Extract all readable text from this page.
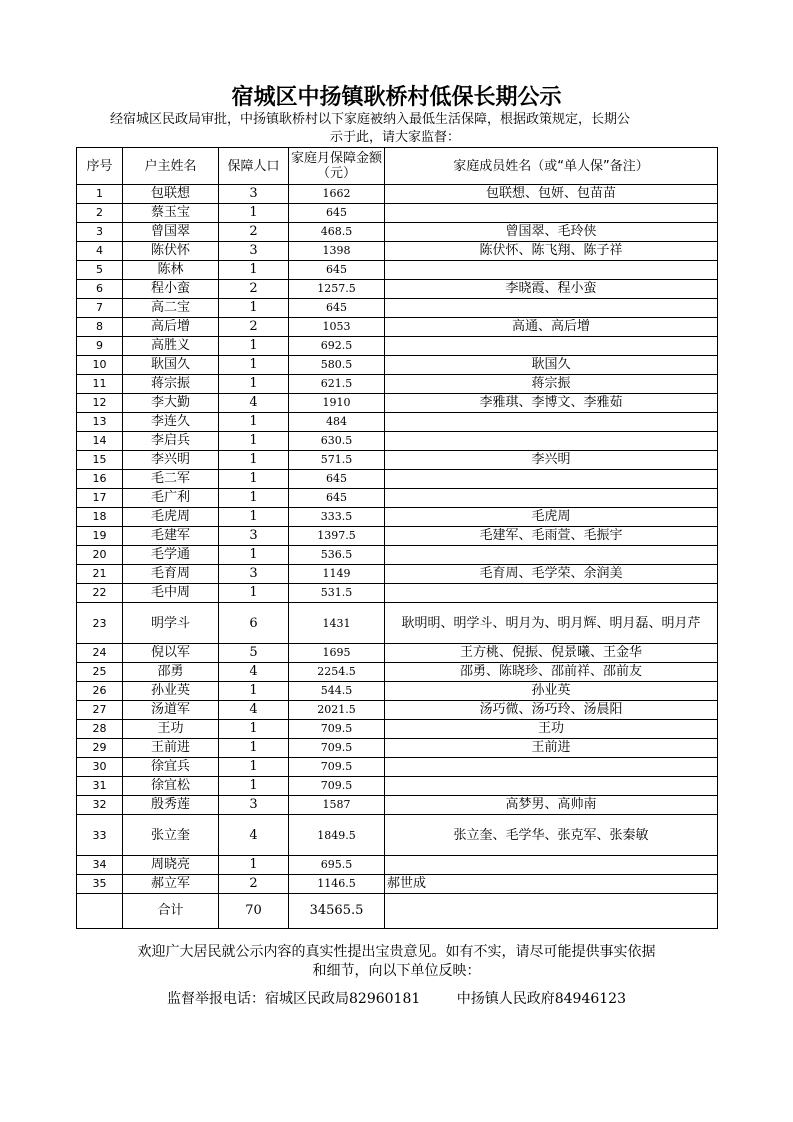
宿城区中扬镇耿桥村低保长期公示
经宿城区民政局审批，中扬镇耿桥村以下家庭被纳入最低生活保障，根据政策规定，长期公
示于此，请大家监督：
序号	户主姓名	保障人口	家庭月保障金额（元）	家庭成员姓名（或“单人保”备注）
1	包联想	3	1662	包联想、包妍、包苗苗
2	蔡玉宝	1	645	
3	曾国翠	2	468.5	曾国翠、毛玲侠
4	陈伏怀	3	1398	陈伏怀、陈飞翔、陈子祥
5	陈林	1	645	
6	程小蛮	2	1257.5	李晓霞、程小蛮
7	高二宝	1	645	
8	高后增	2	1053	高通、高后增
9	高胜义	1	692.5	
10	耿国久	1	580.5	耿国久
11	蒋宗振	1	621.5	蒋宗振
12	李大勤	4	1910	李雅琪、李博文、李雅茹
13	李连久	1	484	
14	李启兵	1	630.5	
15	李兴明	1	571.5	李兴明
16	毛二军	1	645	
17	毛广利	1	645	
18	毛虎周	1	333.5	毛虎周
19	毛建军	3	1397.5	毛建军、毛雨萱、毛振宇
20	毛学通	1	536.5	
21	毛育周	3	1149	毛育周、毛学荣、余润美
22	毛中周	1	531.5	
23	明学斗	6	1431	耿明明、明学斗、明月为、明月辉、明月磊、明月芹
24	倪以军	5	1695	王方桃、倪振、倪景曦、王金华
25	邵勇	4	2254.5	邵勇、陈晓珍、邵前祥、邵前友
26	孙业英	1	544.5	孙业英
27	汤道军	4	2021.5	汤巧微、汤巧玲、汤晨阳
28	王功	1	709.5	王功
29	王前进	1	709.5	王前进
30	徐宜兵	1	709.5	
31	徐宜松	1	709.5	
32	殷秀莲	3	1587	高梦男、高帅南
33	张立奎	4	1849.5	张立奎、毛学华、张克军、张秦敏
34	周晓亮	1	695.5	
35	郝立军	2	1146.5	郝世成
	合计	70	34565.5	
欢迎广大居民就公示内容的真实性提出宝贵意见。如有不实，请尽可能提供事实依据
和细节，向以下单位反映：
监督举报电话：宿城区民政局82960181	中扬镇人民政府84946123
